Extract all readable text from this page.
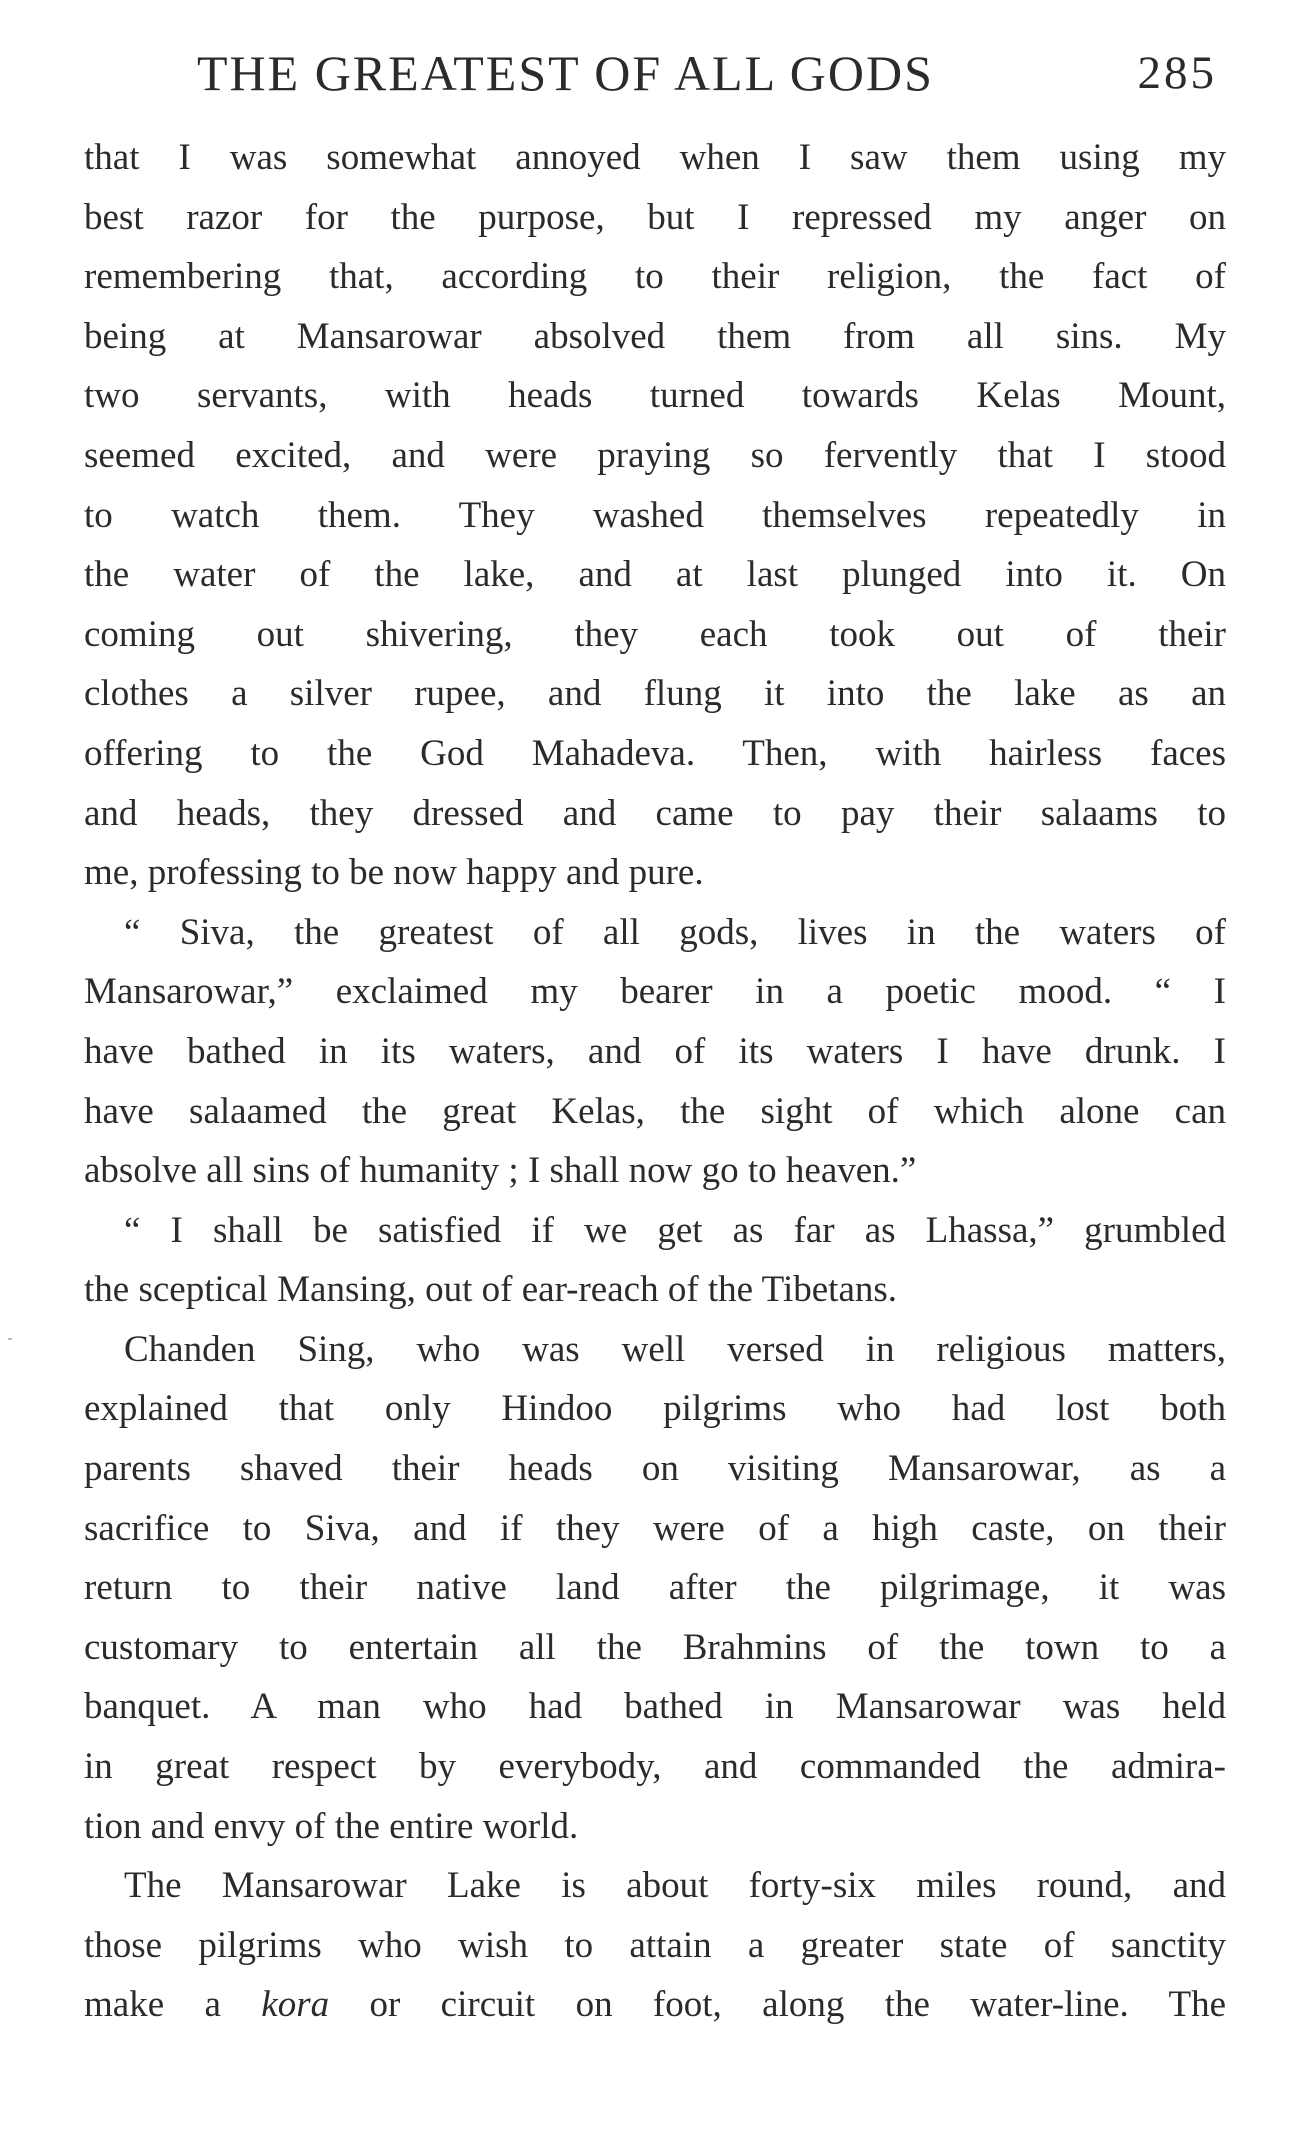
THE GREATEST OF ALL GODS	285
that I was somewhat annoyed when I saw them using my
best razor for the purpose, but I repressed my anger on
remembering that, according to their religion, the fact of
being at Mansarowar absolved them from all sins. My
two servants, with heads turned towards Kelas Mount,
seemed excited, and were praying so fervently that I stood
to watch them. They washed themselves repeatedly in
the water of the lake, and at last plunged into it. On
coming out shivering, they each took out of their
clothes a silver rupee, and flung it into the lake as an
offering to the God Mahadeva. Then, with hairless faces
and heads, they dressed and came to pay their salaams to
me, professing to be now happy and pure.
“ Siva, the greatest of all gods, lives in the waters of
Mansarowar,” exclaimed my bearer in a poetic mood. “ I
have bathed in its waters, and of its waters I have drunk. I
have salaamed the great Kelas, the sight of which alone can
absolve all sins of humanity ; I shall now go to heaven.”
“ I shall be satisfied if we get as far as Lhassa,” grumbled
the sceptical Mansing, out of ear-reach of the Tibetans.
Chanden Sing, who was well versed in religious matters,
explained that only Hindoo pilgrims who had lost both
parents shaved their heads on visiting Mansarowar, as a
sacrifice to Siva, and if they were of a high caste, on their
return to their native land after the pilgrimage, it was
customary to entertain all the Brahmins of the town to a
banquet. A man who had bathed in Mansarowar was held
in great respect by everybody, and commanded the admira-
tion and envy of the entire world.
The Mansarowar Lake is about forty-six miles round, and
those pilgrims who wish to attain a greater state of sanctity
make a kora or circuit on foot, along the water-line. The
